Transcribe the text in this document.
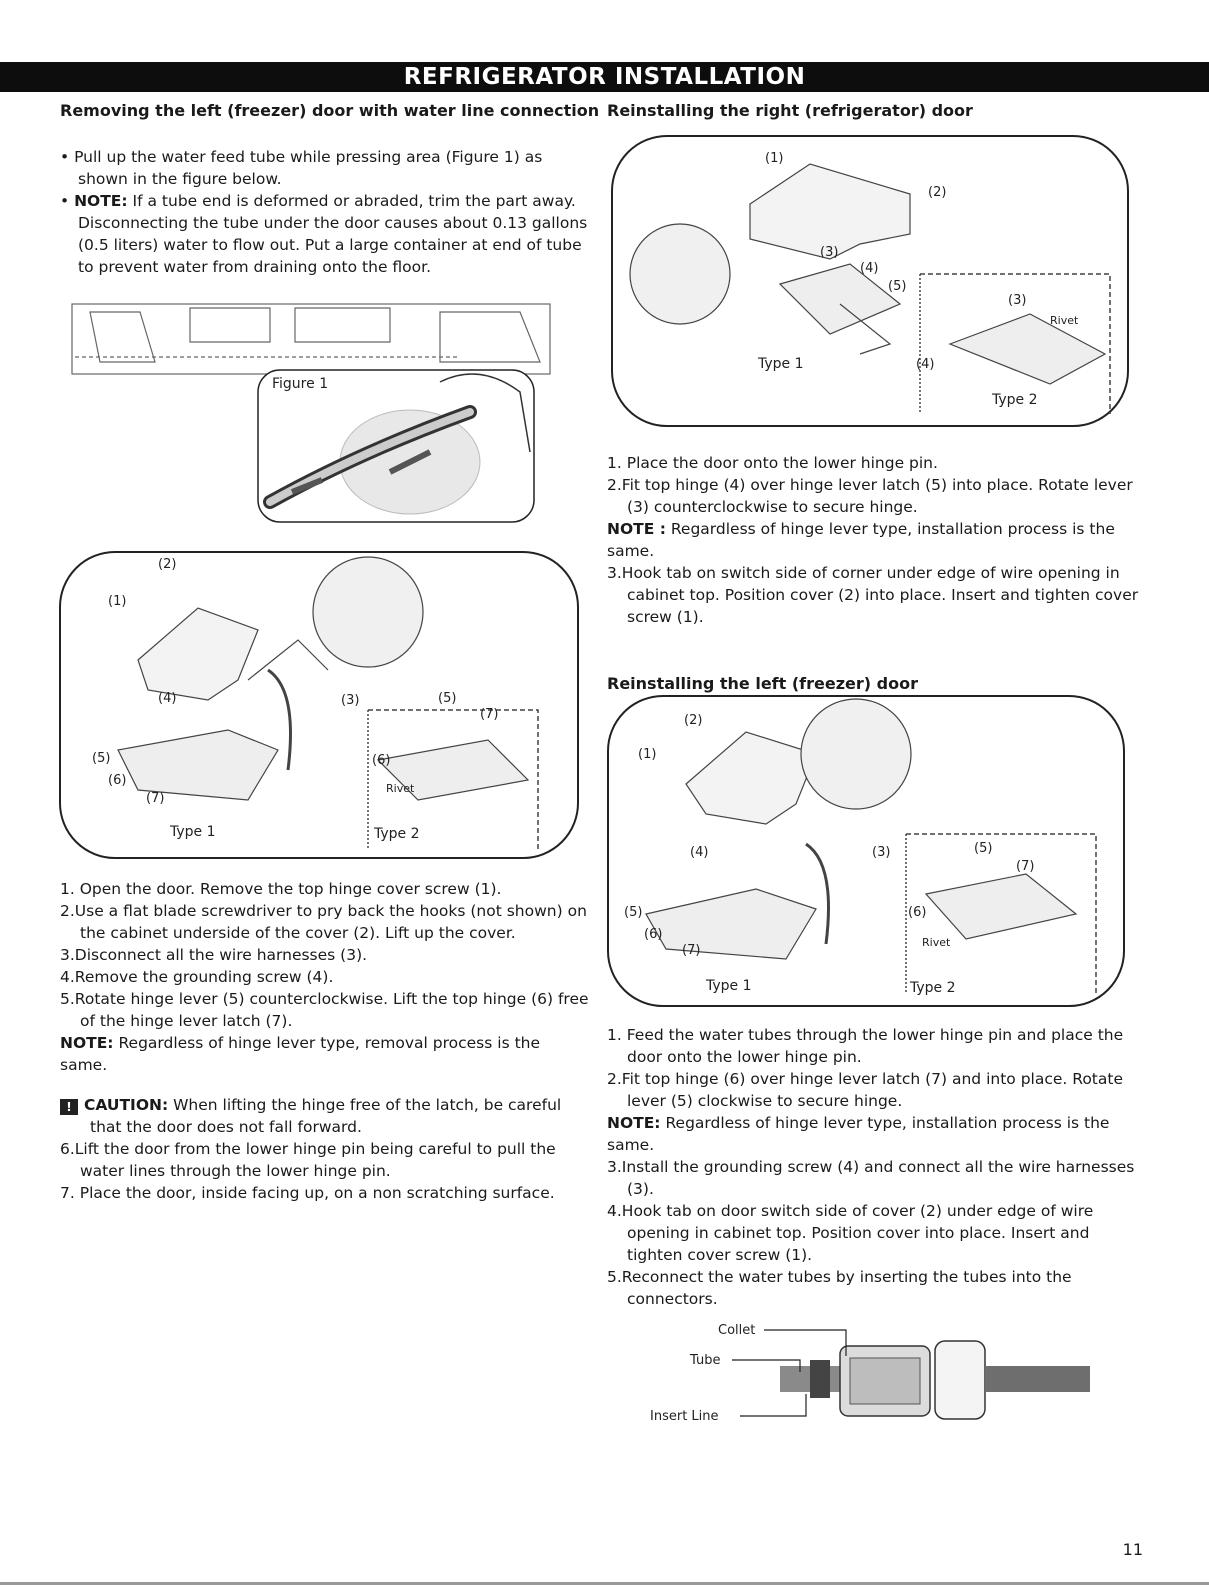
REFRIGERATOR INSTALLATION
Removing the left (freezer) door with water line connection
• Pull up the water feed tube while pressing area (Figure 1) as shown in the figure below.
• NOTE: If a tube end is deformed or abraded, trim the part away. Disconnecting the tube under the door causes about 0.13 gallons (0.5 liters) water to flow out. Put a large container at end of tube to prevent water from draining onto the floor.
Figure 1
(2)
(1)
(4)	(3)	(5)
(7)
(5)
(6)
(7)
(6)
Rivet
Type 1	Type 2
1. Open the door. Remove the top hinge cover screw (1).
2.Use a flat blade screwdriver to pry back the hooks (not shown) on the cabinet underside of the cover (2). Lift up the cover.
3.Disconnect all the wire harnesses (3).
4.Remove the grounding screw (4).
5.Rotate hinge lever (5) counterclockwise. Lift the top hinge (6) free of the hinge lever latch (7).
NOTE: Regardless of hinge lever type, removal process is the same.
! CAUTION: When lifting the hinge free of the latch, be careful that the door does not fall forward.
6.Lift the door from the lower hinge pin being careful to pull the water lines through the lower hinge pin.
7. Place the door, inside facing up, on a non scratching surface.
Reinstalling the right (refrigerator) door
(1)
(2)
(3)
(4)
(5)
(3)
Rivet
(4)
Type 1
Type 2
1. Place the door onto the lower hinge pin.
2.Fit top hinge (4) over hinge lever latch (5) into place. Rotate lever (3) counterclockwise to secure hinge.
NOTE : Regardless of hinge lever type, installation process is the same.
3.Hook tab on switch side of corner under edge of wire opening in cabinet top. Position cover (2) into place. Insert and tighten cover screw (1).
Reinstalling the left (freezer) door
(2)
(1)
(4)	(3)	(5)
(7)
(5)
(6)
(7)
(6)
Rivet
Type 1	Type 2
1. Feed the water tubes through the lower hinge pin and place the door onto the lower hinge pin.
2.Fit top hinge (6) over hinge lever latch (7) and into place. Rotate lever (5) clockwise to secure hinge.
NOTE: Regardless of hinge lever type, installation process is the same.
3.Install the grounding screw (4) and connect all the wire harnesses (3).
4.Hook tab on door switch side of cover (2) under edge of wire opening in cabinet top. Position cover into place. Insert and tighten cover screw (1).
5.Reconnect the water tubes by inserting the tubes into the connectors.
Collet
Tube
Insert Line
11
